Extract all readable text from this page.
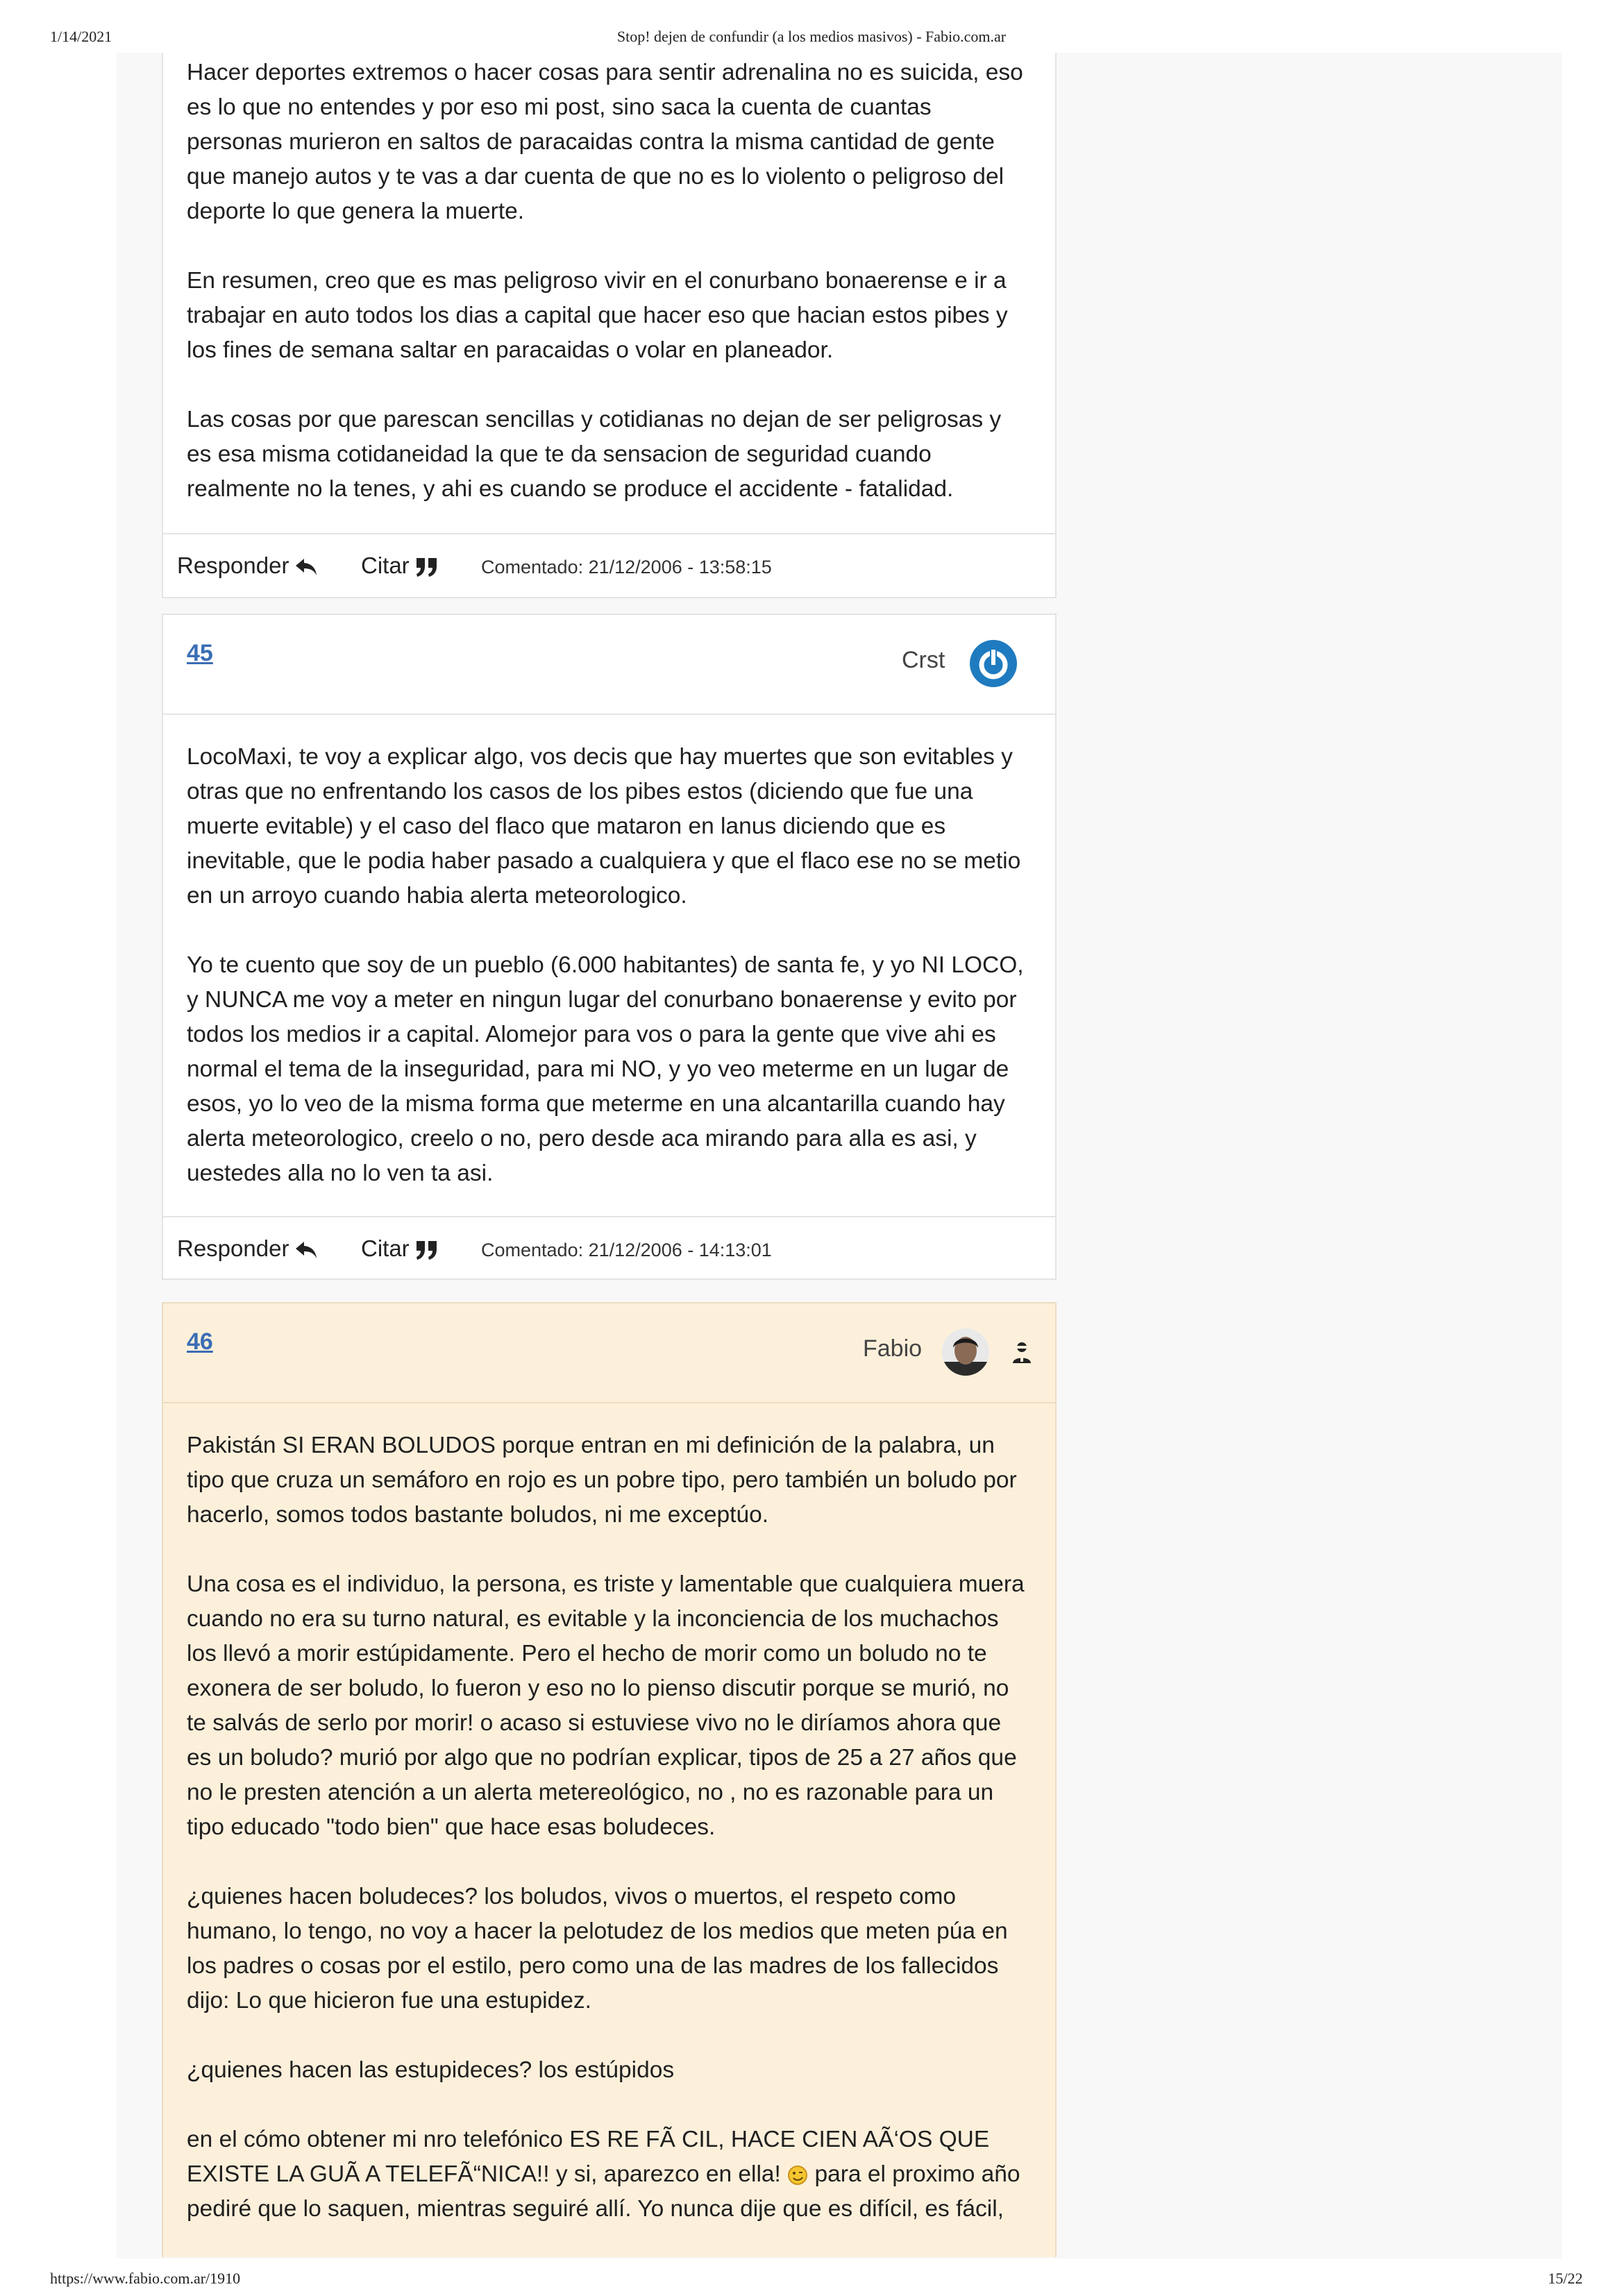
1/14/2021	Stop! dejen de confundir (a los medios masivos) - Fabio.com.ar

Hacer deportes extremos o hacer cosas para sentir adrenalina no es suicida, eso es lo que no entendes y por eso mi post, sino saca la cuenta de cuantas personas murieron en saltos de paracaidas contra la misma cantidad de gente que manejo autos y te vas a dar cuenta de que no es lo violento o peligroso del deporte lo que genera la muerte.

En resumen, creo que es mas peligroso vivir en el conurbano bonaerense e ir a trabajar en auto todos los dias a capital que hacer eso que hacian estos pibes y los fines de semana saltar en paracaidas o volar en planeador.

Las cosas por que parescan sencillas y cotidianas no dejan de ser peligrosas y es esa misma cotidaneidad la que te da sensacion de seguridad cuando realmente no la tenes, y ahi es cuando se produce el accidente - fatalidad.

Responder	Citar	Comentado: 21/12/2006 - 13:58:15
45	Crst

LocoMaxi, te voy a explicar algo, vos decis que hay muertes que son evitables y otras que no enfrentando los casos de los pibes estos (diciendo que fue una muerte evitable) y el caso del flaco que mataron en lanus diciendo que es inevitable, que le podia haber pasado a cualquiera y que el flaco ese no se metio en un arroyo cuando habia alerta meteorologico.

Yo te cuento que soy de un pueblo (6.000 habitantes) de santa fe, y yo NI LOCO, y NUNCA me voy a meter en ningun lugar del conurbano bonaerense y evito por todos los medios ir a capital. Alomejor para vos o para la gente que vive ahi es normal el tema de la inseguridad, para mi NO, y yo veo meterme en un lugar de esos, yo lo veo de la misma forma que meterme en una alcantarilla cuando hay alerta meteorologico, creelo o no, pero desde aca mirando para alla es asi, y uestedes alla no lo ven ta asi.

Responder	Citar	Comentado: 21/12/2006 - 14:13:01
46	Fabio

Pakistán SI ERAN BOLUDOS porque entran en mi definición de la palabra, un tipo que cruza un semáforo en rojo es un pobre tipo, pero también un boludo por hacerlo, somos todos bastante boludos, ni me exceptúo.

Una cosa es el individuo, la persona, es triste y lamentable que cualquiera muera cuando no era su turno natural, es evitable y la inconciencia de los muchachos los llevó a morir estúpidamente. Pero el hecho de morir como un boludo no te exonera de ser boludo, lo fueron y eso no lo pienso discutir porque se murió, no te salvás de serlo por morir! o acaso si estuviese vivo no le diríamos ahora que es un boludo? murió por algo que no podrían explicar, tipos de 25 a 27 años que no le presten atención a un alerta metereológico, no , no es razonable para un tipo educado "todo bien" que hace esas boludeces.

¿quienes hacen boludeces? los boludos, vivos o muertos, el respeto como humano, lo tengo, no voy a hacer la pelotudez de los medios que meten púa en los padres o cosas por el estilo, pero como una de las madres de los fallecidos dijo: Lo que hicieron fue una estupidez.

¿quienes hacen las estupideces? los estúpidos

en el cómo obtener mi nro telefónico ES RE FÃ CIL, HACE CIEN AÃ‘OS QUE EXISTE LA GUÃ A TELEFÃ“NICA!! y si, aparezco en ella!  para el proximo año pediré que lo saquen, mientras seguiré allí. Yo nunca dije que es difícil, es fácil,

https://www.fabio.com.ar/1910	15/22
